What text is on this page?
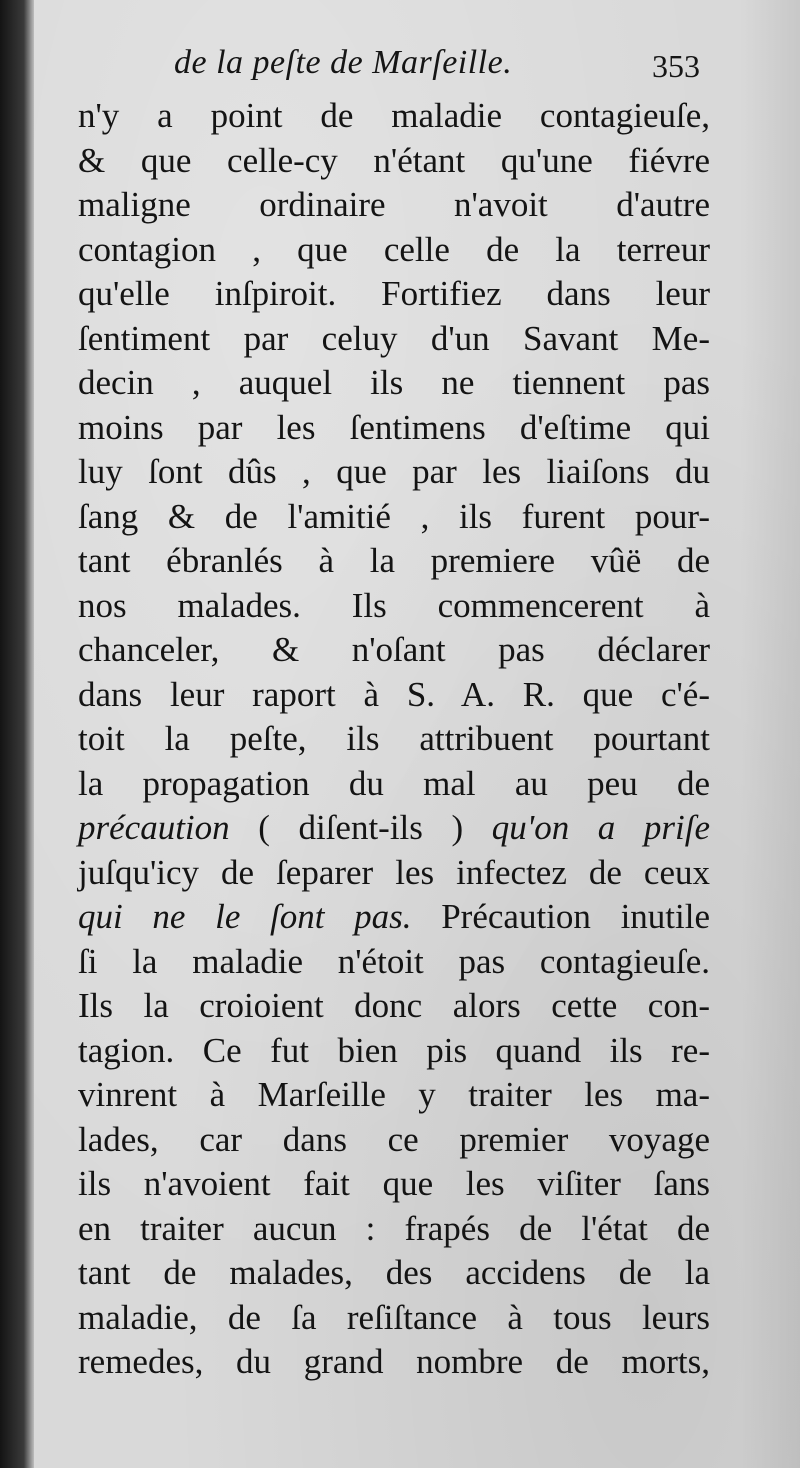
de la peſte de Marſeille.	353
n'y a point de maladie contagieuſe,
& que celle-cy n'étant qu'une fiévre
maligne ordinaire n'avoit d'autre
contagion , que celle de la terreur
qu'elle inſpiroit. Fortifiez dans leur
ſentiment par celuy d'un Savant Me-
decin , auquel ils ne tiennent pas
moins par les ſentimens d'eſtime qui
luy ſont dûs , que par les liaiſons du
ſang & de l'amitié , ils furent pour-
tant ébranlés à la premiere vûë de
nos malades. Ils commencerent à
chanceler, & n'oſant pas déclarer
dans leur raport à S. A. R. que c'é-
toit la peſte, ils attribuent pourtant
la propagation du mal au peu de
précaution ( diſent-ils ) qu'on a priſe
juſqu'icy de ſeparer les infectez de ceux
qui ne le ſont pas. Précaution inutile
ſi la maladie n'étoit pas contagieuſe.
Ils la croioient donc alors cette con-
tagion. Ce fut bien pis quand ils re-
vinrent à Marſeille y traiter les ma-
lades, car dans ce premier voyage
ils n'avoient fait que les viſiter ſans
en traiter aucun : frapés de l'état de
tant de malades, des accidens de la
maladie, de ſa reſiſtance à tous leurs
remedes, du grand nombre de morts,
